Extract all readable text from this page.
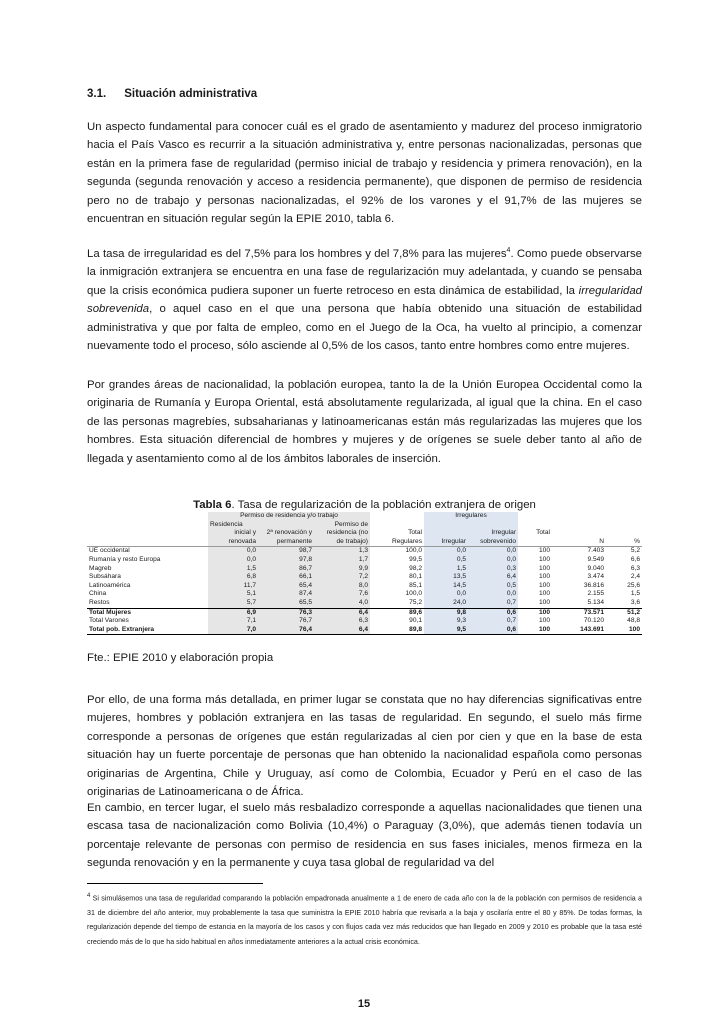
3.1. Situación administrativa

Un aspecto fundamental para conocer cuál es el grado de asentamiento y madurez del proceso inmigratorio hacia el País Vasco es recurrir a la situación administrativa y, entre personas nacionalizadas, personas que están en la primera fase de regularidad (permiso inicial de trabajo y residencia y primera renovación), en la segunda (segunda renovación y acceso a residencia permanente), que disponen de permiso de residencia pero no de trabajo y personas nacionalizadas, el 92% de los varones y el 91,7% de las mujeres se encuentran en situación regular según la EPIE 2010, tabla 6.

La tasa de irregularidad es del 7,5% para los hombres y del 7,8% para las mujeres$^4$. Como puede observarse la inmigración extranjera se encuentra en una fase de regularización muy adelantada, y cuando se pensaba que la crisis económica pudiera suponer un fuerte retroceso en esta dinámica de estabilidad, la irregularidad sobrevenida, o aquel caso en el que una persona que había obtenido una situación de estabilidad administrativa y que por falta de empleo, como en el Juego de la Oca, ha vuelto al principio, a comenzar nuevamente todo el proceso, sólo asciende al 0,5% de los casos, tanto entre hombres como entre mujeres.

Por grandes áreas de nacionalidad, la población europea, tanto la de la Unión Europea Occidental como la originaria de Rumanía y Europa Oriental, está absolutamente regularizada, al igual que la china. En el caso de las personas magrebíes, subsaharianas y latinoamericanas están más regularizadas las mujeres que los hombres. Esta situación diferencial de hombres y mujeres y de orígenes se suele deber tanto al año de llegada y asentamiento como al de los ámbitos laborales de inserción.

Tabla 6. Tasa de regularización de la población extranjera de origen
	Permiso de residencia y/o trabajo				Irregulares				
	Residencia		Permiso de						
	inicial y	2ª renovación y	residencia (no	Total		Irregular	Total		
	renovada	permanente	de trabajo)	Regulares	Irregular	sobrevenido		N	%
UE occidental	0,0	98,7	1,3	100,0	0,0	0,0	100	7.403	5,2
Rumanía y resto Europa	0,0	97,8	1,7	99,5	0,5	0,0	100	9.549	6,6
Magreb	1,5	86,7	9,9	98,2	1,5	0,3	100	9.040	6,3
Subsáhara	6,8	66,1	7,2	80,1	13,5	6,4	100	3.474	2,4
Latinoamérica	11,7	65,4	8,0	85,1	14,5	0,5	100	36.816	25,6
China	5,1	87,4	7,6	100,0	0,0	0,0	100	2.155	1,5
Restos	5,7	65,5	4,0	75,2	24,0	0,7	100	5.134	3,6
Total Mujeres	6,9	76,3	6,4	89,6	9,8	0,6	100	73.571	51,2
Total Varones	7,1	76,7	6,3	90,1	9,3	0,7	100	70.120	48,8
Total pob. Extranjera	7,0	76,4	6,4	89,8	9,5	0,6	100	143.691	100
Fte.: EPIE 2010 y elaboración propia

Por ello, de una forma más detallada, en primer lugar se constata que no hay diferencias significativas entre mujeres, hombres y población extranjera en las tasas de regularidad. En segundo, el suelo más firme corresponde a personas de orígenes que están regularizadas al cien por cien y que en la base de esta situación hay un fuerte porcentaje de personas que han obtenido la nacionalidad española como personas originarias de Argentina, Chile y Uruguay, así como de Colombia, Ecuador y Perú en el caso de las originarias de Latinoamericana o de África.

En cambio, en tercer lugar, el suelo más resbaladizo corresponde a aquellas nacionalidades que tienen una escasa tasa de nacionalización como Bolivia (10,4%) o Paraguay (3,0%), que además tienen todavía un porcentaje relevante de personas con permiso de residencia en sus fases iniciales, menos firmeza en la segunda renovación y en la permanente y cuya tasa global de regularidad va del

$^4$ Si simulásemos una tasa de regularidad comparando la población empadronada anualmente a 1 de enero de cada año con la de la población con permisos de residencia a 31 de diciembre del año anterior, muy probablemente la tasa que suministra la EPIE 2010 habría que revisarla a la baja y oscilaría entre el 80 y 85%. De todas formas, la regularización depende del tiempo de estancia en la mayoría de los casos y con flujos cada vez más reducidos que han llegado en 2009 y 2010 es probable que la tasa esté creciendo más de lo que ha sido habitual en años inmediatamente anteriores a la actual crisis económica.

15
